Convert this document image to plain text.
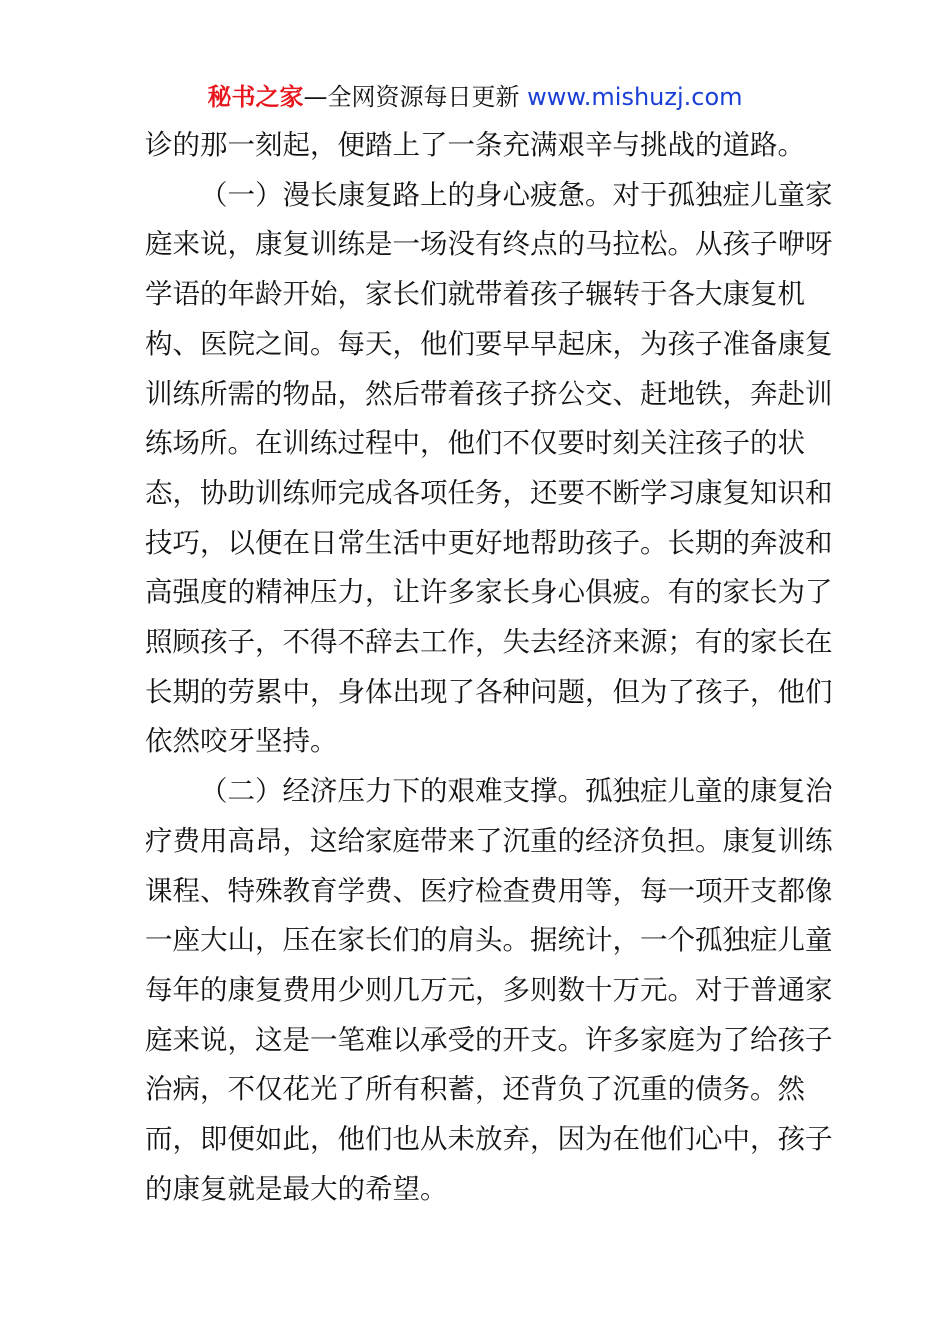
秘书之家—全网资源每日更新 www.mishuzj.com

诊的那一刻起，便踏上了一条充满艰辛与挑战的道路。

（一）漫长康复路上的身心疲惫。对于孤独症儿童家
庭来说，康复训练是一场没有终点的马拉松。从孩子咿呀
学语的年龄开始，家长们就带着孩子辗转于各大康复机
构、医院之间。每天，他们要早早起床，为孩子准备康复
训练所需的物品，然后带着孩子挤公交、赶地铁，奔赴训
练场所。在训练过程中，他们不仅要时刻关注孩子的状
态，协助训练师完成各项任务，还要不断学习康复知识和
技巧，以便在日常生活中更好地帮助孩子。长期的奔波和
高强度的精神压力，让许多家长身心俱疲。有的家长为了
照顾孩子，不得不辞去工作，失去经济来源；有的家长在
长期的劳累中，身体出现了各种问题，但为了孩子，他们
依然咬牙坚持。

（二）经济压力下的艰难支撑。孤独症儿童的康复治
疗费用高昂，这给家庭带来了沉重的经济负担。康复训练
课程、特殊教育学费、医疗检查费用等，每一项开支都像
一座大山，压在家长们的肩头。据统计，一个孤独症儿童
每年的康复费用少则几万元，多则数十万元。对于普通家
庭来说，这是一笔难以承受的开支。许多家庭为了给孩子
治病，不仅花光了所有积蓄，还背负了沉重的债务。然
而，即便如此，他们也从未放弃，因为在他们心中，孩子
的康复就是最大的希望。
